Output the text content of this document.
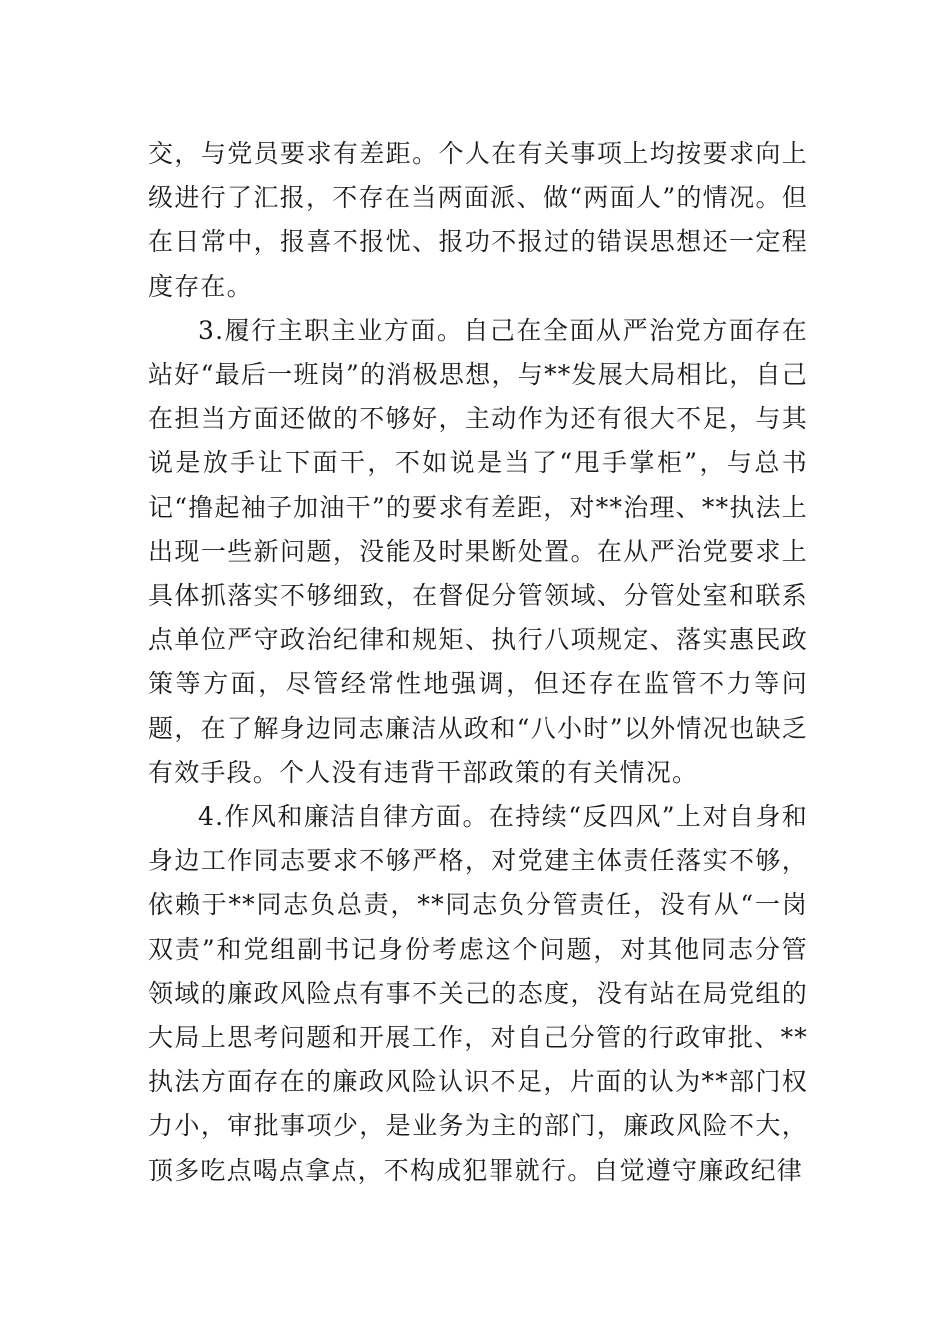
交，与党员要求有差距。个人在有关事项上均按要求向上级进行了汇报，不存在当两面派、做“两面人”的情况。但在日常中，报喜不报忧、报功不报过的错误思想还一定程度存在。

3.履行主职主业方面。自己在全面从严治党方面存在站好“最后一班岗”的消极思想，与**发展大局相比，自己在担当方面还做的不够好，主动作为还有很大不足，与其说是放手让下面干，不如说是当了“甩手掌柜”，与总书记“撸起袖子加油干”的要求有差距，对**治理、**执法上出现一些新问题，没能及时果断处置。在从严治党要求上具体抓落实不够细致，在督促分管领域、分管处室和联系点单位严守政治纪律和规矩、执行八项规定、落实惠民政策等方面，尽管经常性地强调，但还存在监管不力等问题，在了解身边同志廉洁从政和“八小时”以外情况也缺乏有效手段。个人没有违背干部政策的有关情况。

4.作风和廉洁自律方面。在持续“反四风”上对自身和身边工作同志要求不够严格，对党建主体责任落实不够，依赖于**同志负总责，**同志负分管责任，没有从“一岗双责”和党组副书记身份考虑这个问题，对其他同志分管领域的廉政风险点有事不关己的态度，没有站在局党组的大局上思考问题和开展工作，对自己分管的行政审批、**执法方面存在的廉政风险认识不足，片面的认为**部门权力小，审批事项少，是业务为主的部门，廉政风险不大，顶多吃点喝点拿点，不构成犯罪就行。自觉遵守廉政纪律
